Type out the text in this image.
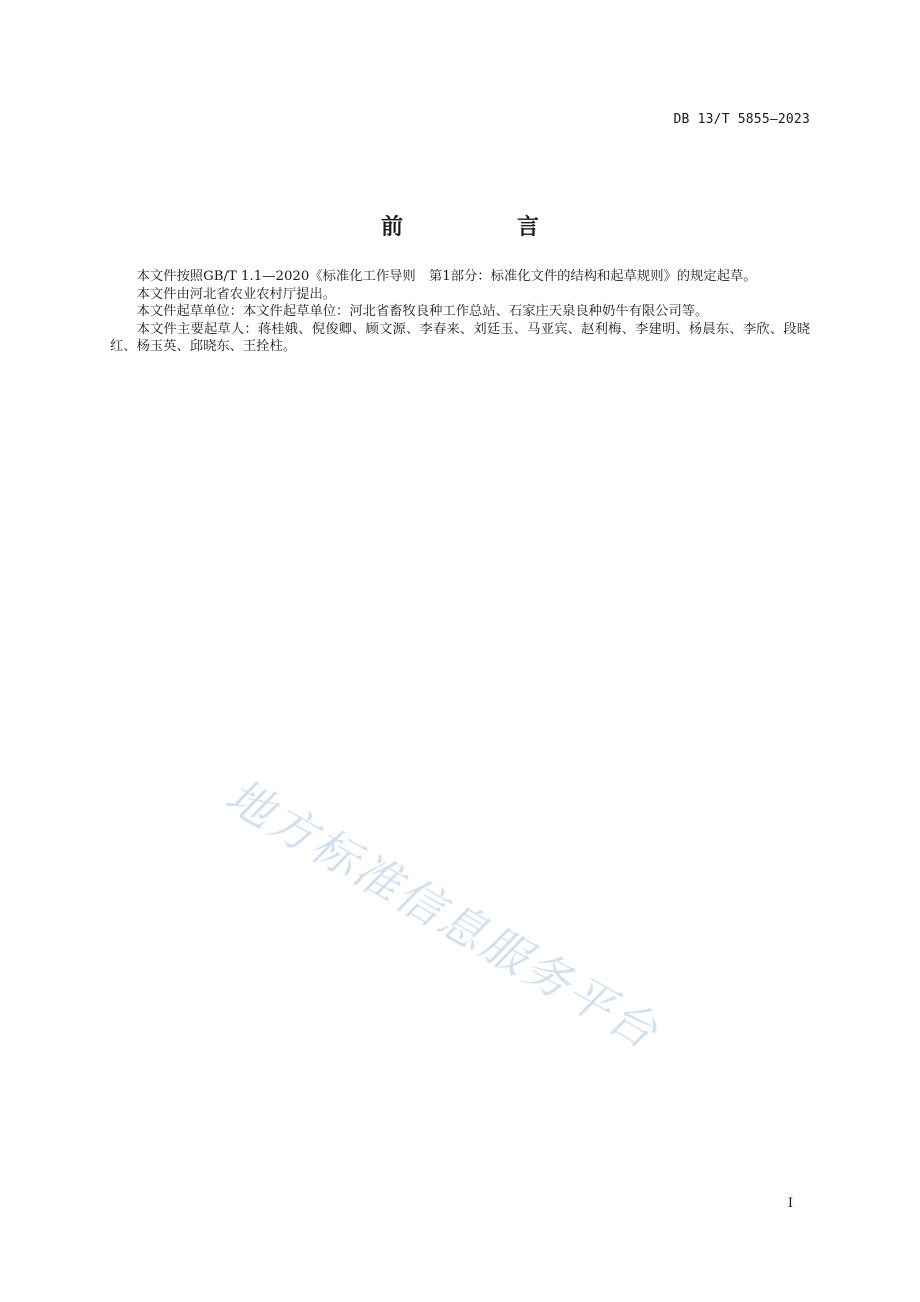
DB 13/T 5855—2023
前　言

本文件按照GB/T 1.1—2020《标准化工作导则　第1部分：标准化文件的结构和起草规则》的规定起草。

本文件由河北省农业农村厅提出。

本文件起草单位：本文件起草单位：河北省畜牧良种工作总站、石家庄天泉良种奶牛有限公司等。

本文件主要起草人：蒋桂娥、倪俊卿、顾文源、李春来、刘廷玉、马亚宾、赵利梅、李建明、杨晨东、李欣、段晓红、杨玉英、邱晓东、王拴柱。

地方标准信息服务平台
I
